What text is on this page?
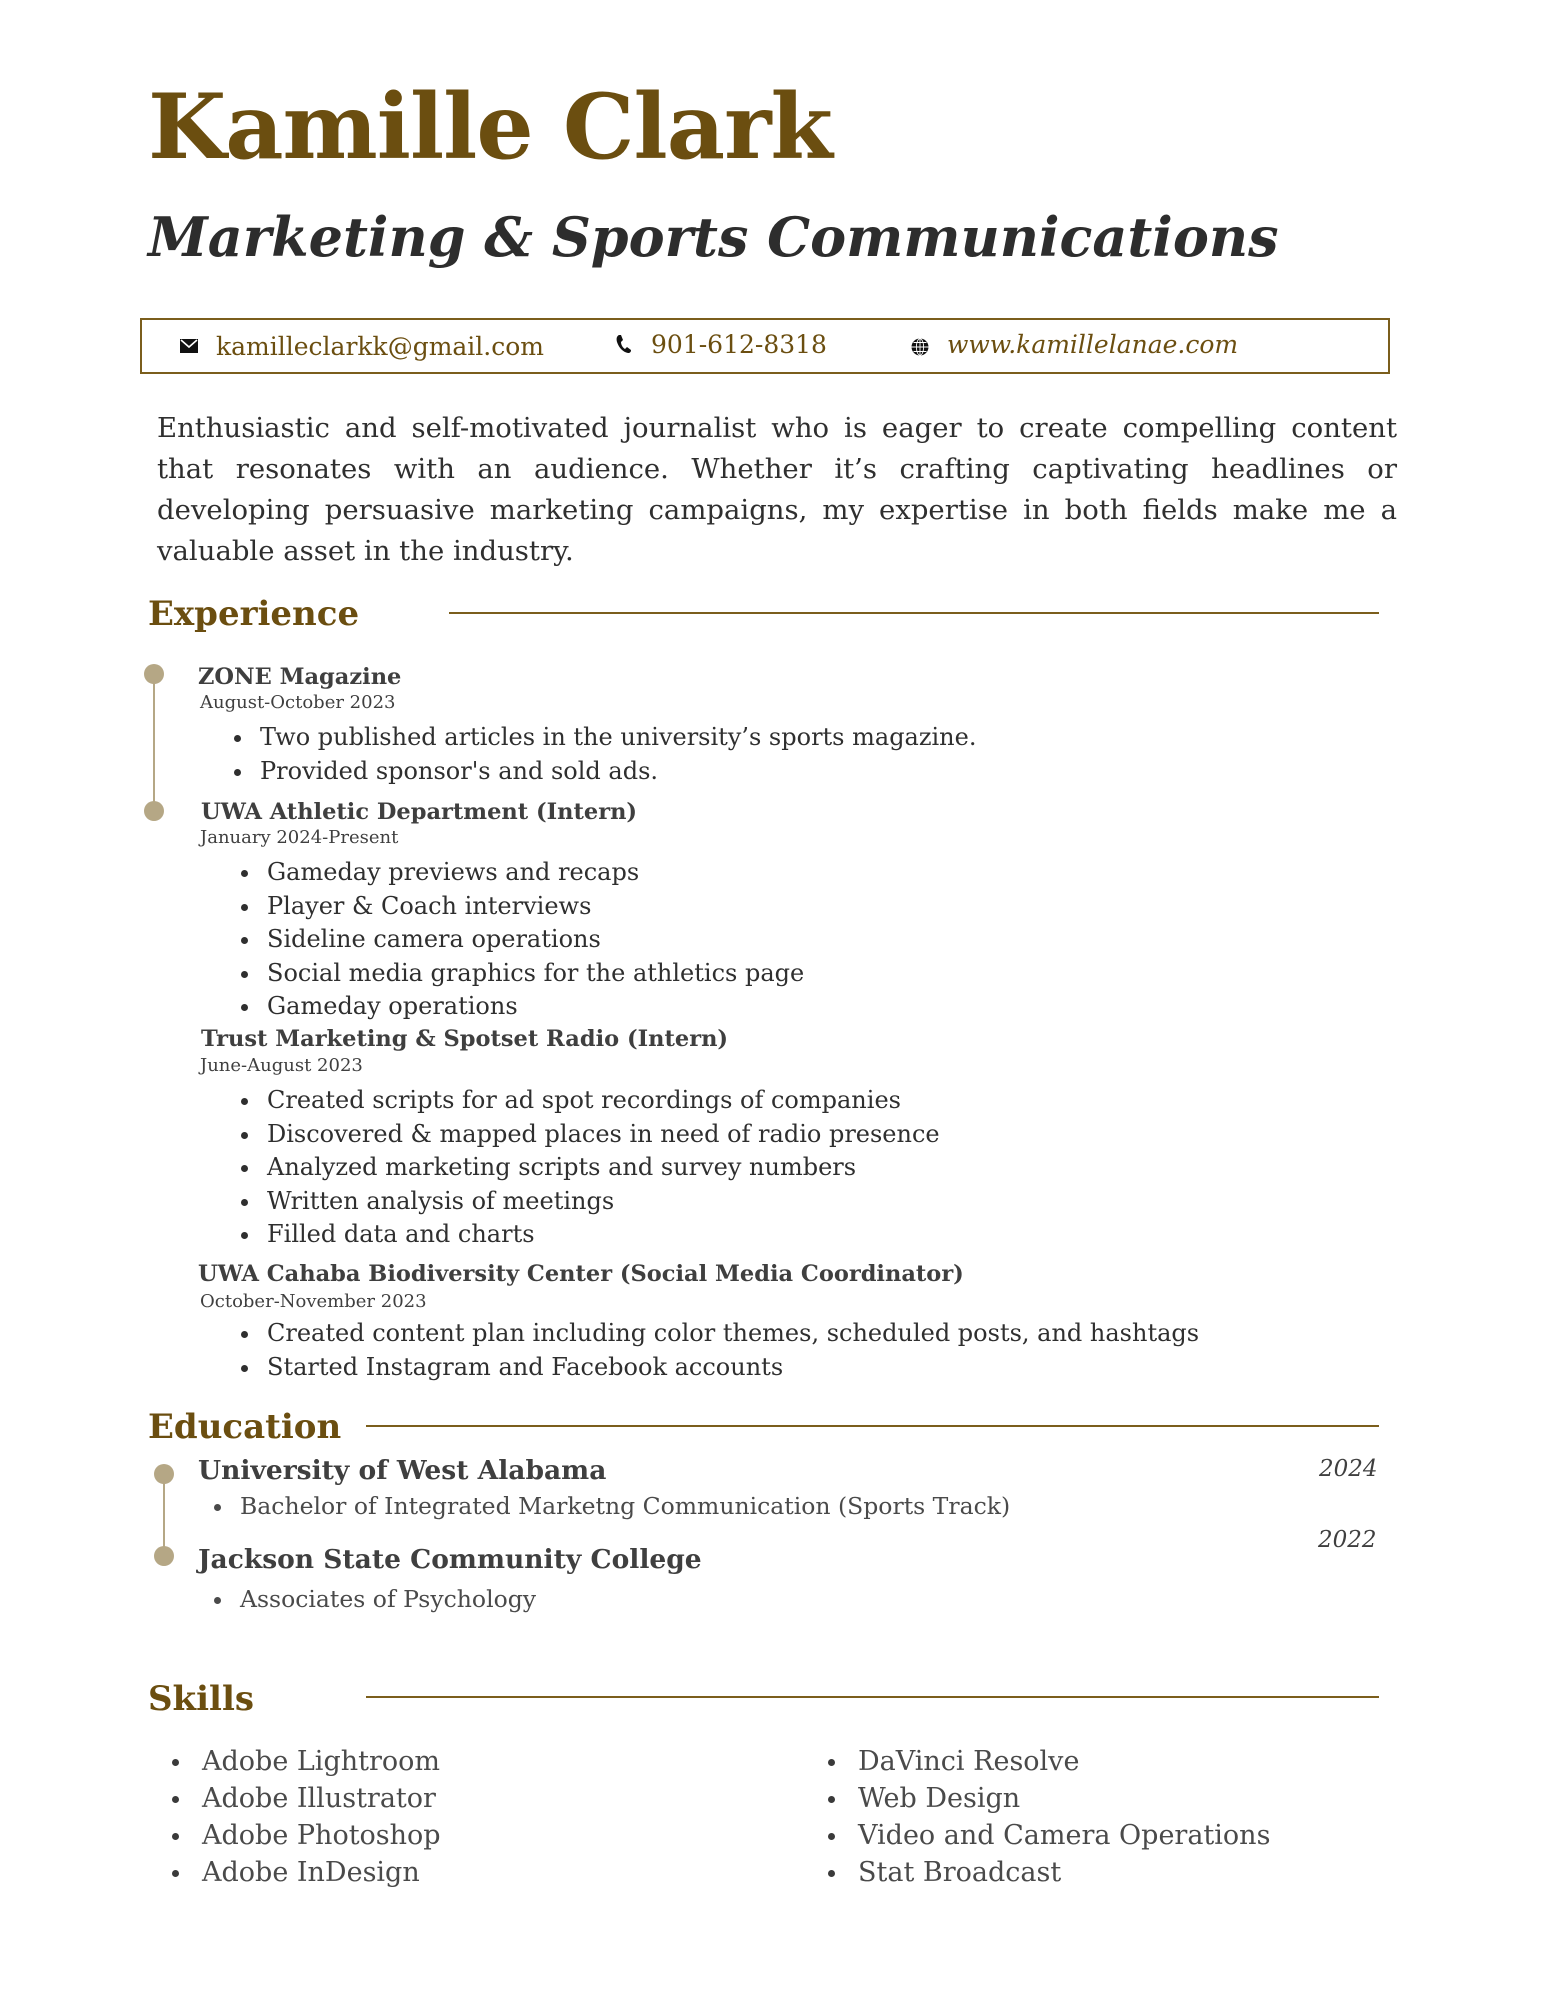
Kamille Clark
Marketing & Sports Communications
kamilleclarkk@gmail.com	901-612-8318	www.kamillelanae.com

Enthusiastic and self-motivated journalist who is eager to create compelling content that resonates with an audience. Whether it’s crafting captivating headlines or developing persuasive marketing campaigns, my expertise in both fields make me a valuable asset in the industry.

Experience
ZONE Magazine
August-October 2023
Two published articles in the university’s sports magazine.
Provided sponsor's and sold ads.
UWA Athletic Department (Intern)
January 2024-Present
Gameday previews and recaps
Player & Coach interviews
Sideline camera operations
Social media graphics for the athletics page
Gameday operations
Trust Marketing & Spotset Radio (Intern)
June-August 2023
Created scripts for ad spot recordings of companies
Discovered & mapped places in need of radio presence
Analyzed marketing scripts and survey numbers
Written analysis of meetings
Filled data and charts
UWA Cahaba Biodiversity Center (Social Media Coordinator)
October-November 2023
Created content plan including color themes, scheduled posts, and hashtags
Started Instagram and Facebook accounts
Education
University of West Alabama	2024
Bachelor of Integrated Marketng Communication (Sports Track)
Jackson State Community College
2022
Associates of Psychology
Skills
Adobe Lightroom
Adobe Illustrator
Adobe Photoshop
Adobe InDesign
DaVinci Resolve
Web Design
Video and Camera Operations
Stat Broadcast
